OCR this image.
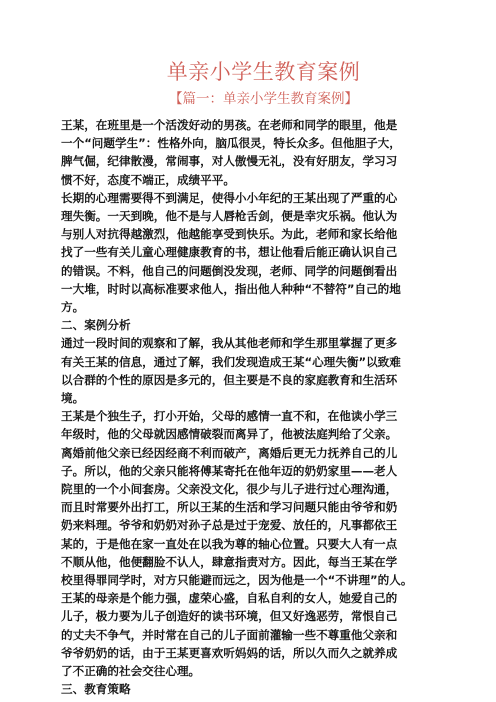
单亲小学生教育案例
【篇一：单亲小学生教育案例】
王某，在班里是一个活泼好动的男孩。在老师和同学的眼里，他是
一个“问题学生”：性格外向，脑瓜很灵，特长众多。但他胆子大，
脾气倔，纪律散漫，常闹事，对人傲慢无礼，没有好朋友，学习习
惯不好，态度不端正，成绩平平。
长期的心理需要得不到满足，使得小小年纪的王某出现了严重的心
理失衡。一天到晚，他不是与人唇枪舌剑，便是幸灾乐祸。他认为
与别人对抗得越激烈，他越能享受到快乐。为此，老师和家长给他
找了一些有关儿童心理健康教育的书，想让他看后能正确认识自己
的错误。不料，他自己的问题倒没发现，老师、同学的问题倒看出
一大堆，时时以高标准要求他人，指出他人种种“不替符”自己的地
方。
二、案例分析
通过一段时间的观察和了解，我从其他老师和学生那里掌握了更多
有关王某的信息，通过了解，我们发现造成王某“心理失衡”以致难
以合群的个性的原因是多元的，但主要是不良的家庭教育和生活环
境。
王某是个独生子，打小开始，父母的感情一直不和，在他读小学三
年级时，他的父母就因感情破裂而离异了，他被法庭判给了父亲。
离婚前他父亲已经因经商不利而破产，离婚后更无力抚养自己的儿
子。所以，他的父亲只能将傅某寄托在他年迈的奶奶家里——老人
院里的一个小间套房。父亲没文化，很少与儿子进行过心理沟通，
而且时常要外出打工，所以王某的生活和学习问题只能由爷爷和奶
奶来料理。爷爷和奶奶对孙子总是过于宠爱、放任的，凡事都依王
某的，于是他在家一直处在以我为尊的轴心位置。只要大人有一点
不顺从他，他便翻脸不认人，肆意指责对方。因此，每当王某在学
校里得罪同学时，对方只能避而远之，因为他是一个“不讲理”的人。
王某的母亲是个能力强，虚荣心盛，自私自利的女人，她爱自己的
儿子，极力要为儿子创造好的读书环境，但又好逸恶劳，常恨自己
的丈夫不争气，并时常在自己的儿子面前灌输一些不尊重他父亲和
爷爷奶奶的话，由于王某更喜欢听妈妈的话，所以久而久之就养成
了不正确的社会交往心理。
三、教育策略
